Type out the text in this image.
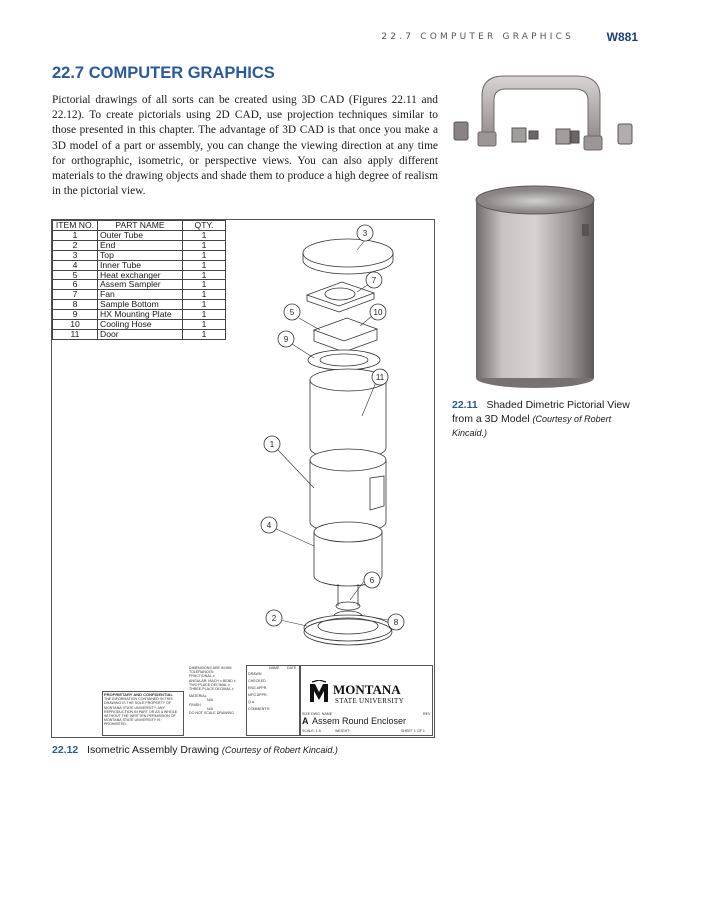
22.7 COMPUTER GRAPHICS	W881
22.7 COMPUTER GRAPHICS

Pictorial drawings of all sorts can be created using 3D CAD (Figures 22.11 and 22.12). To create pictorials using 2D CAD, use projection techniques similar to those presented in this chapter. The advantage of 3D CAD is that once you make a 3D model of a part or assembly, you can change the viewing direction at any time for orthographic, isometric, or perspective views. You can also apply different materials to the drawing objects and shade them to produce a high degree of realism in the pictorial view.

22.11 Shaded Dimetric Pictorial View from a 3D Model (Courtesy of Robert Kincaid.)
ITEM NO.	PART NAME	QTY.
1	Outer Tube	1
2	End	1
3	Top	1
4	Inner Tube	1
5	Heat exchanger	1
6	Assem Sampler	1
7	Fan	1
8	Sample Bottom	1
9	HX Mounting Plate	1
10	Cooling Hose	1
11	Door	1
3
7
5	10
9
11
1
4
6
2	8
PROPRIETARY AND CONFIDENTIAL
THE INFORMATION CONTAINED IN THIS DRAWING IS THE SOLE PROPERTY OF MONTANA STATE UNIVERSITY. ANY REPRODUCTION IN PART OR AS A WHOLE WITHOUT THE WRITTEN PERMISSION OF MONTANA STATE UNIVERSITY IS PROHIBITED.
DIMENSIONS ARE IN MM
TOLERANCES:
FRACTIONAL ±
ANGULAR: MACH ± BEND ±
TWO PLACE DECIMAL ±
THREE PLACE DECIMAL ±
MATERIAL
N/A
FINISH
N/A
DO NOT SCALE DRAWING
NAME DATE
DRAWN
CHECKED
ENG APPR.
MFG APPR.
Q.A.
COMMENTS:
MONTANA
STATE UNIVERSITY
SIZE DWG. NAME	REV
A Assem Round Encloser
SCALE: 1:5	WEIGHT:	SHEET 1 OF 1
22.12 Isometric Assembly Drawing (Courtesy of Robert Kincaid.)
